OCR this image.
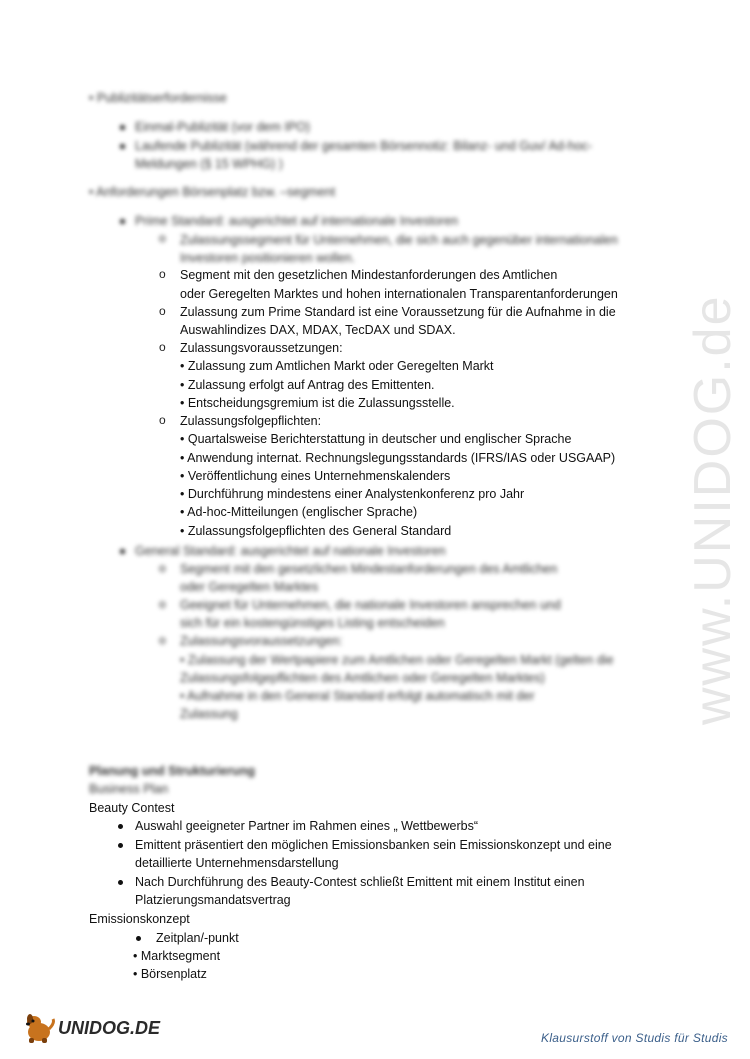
• Publizitätserfordernisse
Einmal-Publizität (vor dem IPO)
Laufende Publizität (während der gesamten Börsennotiz: Bilanz- und Guv/ Ad-hoc-
Meldungen (§ 15 WPHG) )
• Anforderungen Börsenplatz bzw. –segment
Prime Standard: ausgerichtet auf internationale Investoren
o Zulassungssegment für Unternehmen, die sich auch gegenüber internationalen
Investoren positionieren wollen.
o Segment mit den gesetzlichen Mindestanforderungen des Amtlichen
oder Geregelten Marktes und hohen internationalen Transparentanforderungen
o Zulassung zum Prime Standard ist eine Voraussetzung für die Aufnahme in die
Auswahlindizes DAX, MDAX, TecDAX und SDAX.
o Zulassungsvoraussetzungen:
• Zulassung zum Amtlichen Markt oder Geregelten Markt
• Zulassung erfolgt auf Antrag des Emittenten.
• Entscheidungsgremium ist die Zulassungsstelle.
o Zulassungsfolgepflichten:
• Quartalsweise Berichterstattung in deutscher und englischer Sprache
• Anwendung internat. Rechnungslegungsstandards (IFRS/IAS oder USGAAP)
• Veröffentlichung eines Unternehmenskalenders
• Durchführung mindestens einer Analystenkonferenz pro Jahr
• Ad-hoc-Mitteilungen (englischer Sprache)
• Zulassungsfolgepflichten des General Standard
General Standard: ausgerichtet auf nationale Investoren
o Segment mit den gesetzlichen Mindestanforderungen des Amtlichen
oder Geregelten Marktes
o Geeignet für Unternehmen, die nationale Investoren ansprechen und
sich für ein kostengünstiges Listing entscheiden
o Zulassungsvoraussetzungen:
• Zulassung der Wertpapiere zum Amtlichen oder Geregelten Markt (gelten die
Zulassungsfolgepflichten des Amtlichen oder Geregelten Marktes)
• Aufnahme in den General Standard erfolgt automatisch mit der
Zulassung
Planung und Strukturierung
Business Plan
Beauty Contest
Auswahl geeigneter Partner im Rahmen eines „ Wettbewerbs“
Emittent präsentiert den möglichen Emissionsbanken sein Emissionskonzept und eine
detaillierte Unternehmensdarstellung
Nach Durchführung des Beauty-Contest schließt Emittent mit einem Institut einen
Platzierungsmandatsvertrag
Emissionskonzept
Zeitplan/-punkt
• Marktsegment
• Börsenplatz
www.UNIDOG.de
UNIDOG.DE
Klausurstoff von Studis für Studis
